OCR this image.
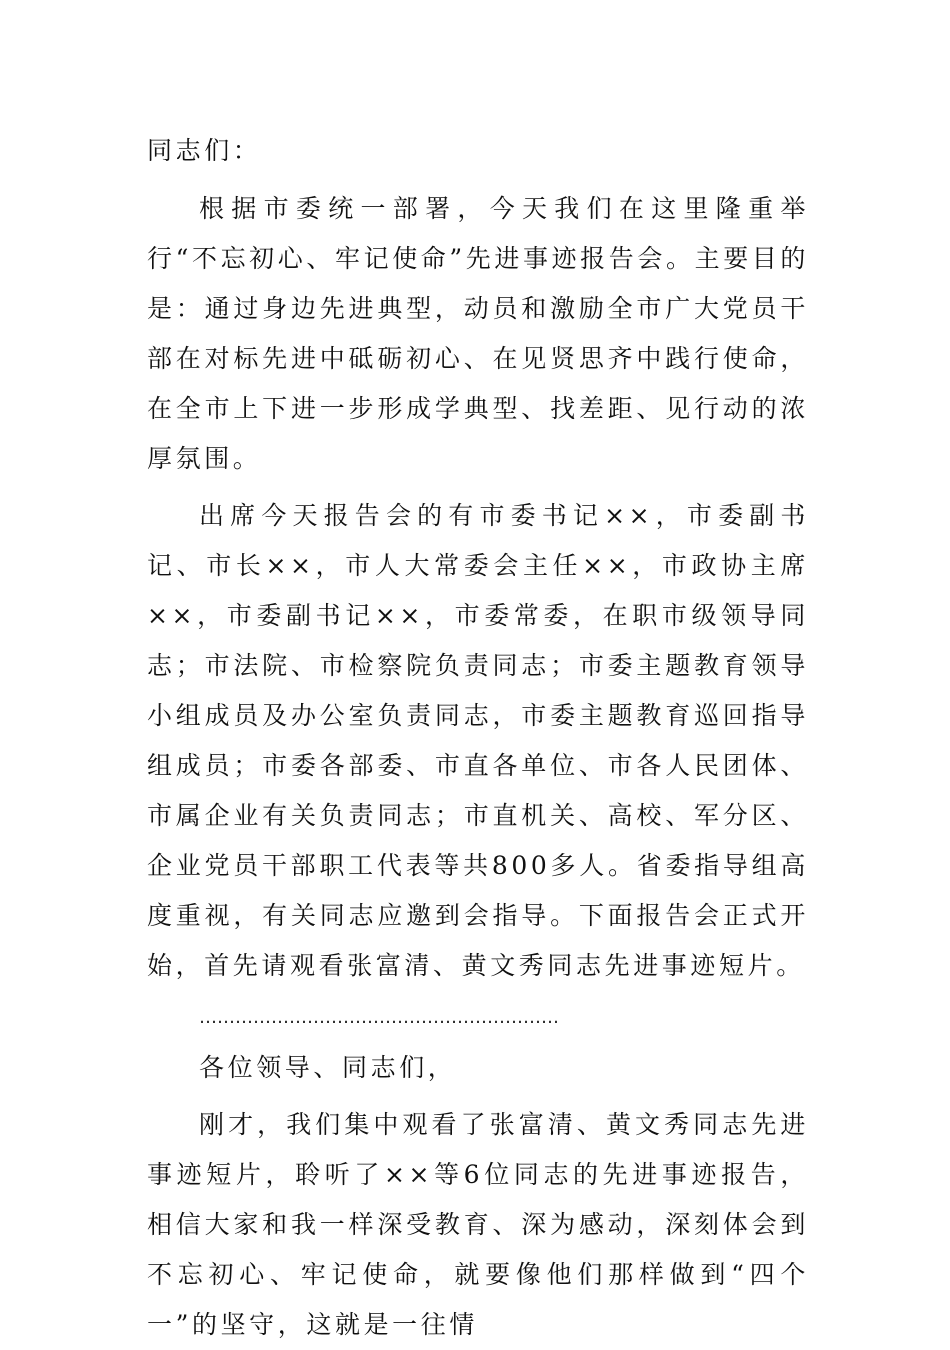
同志们：

根据市委统一部署，今天我们在这里隆重举行“不忘初心、牢记使命”先进事迹报告会。主要目的是：通过身边先进典型，动员和激励全市广大党员干部在对标先进中砥砺初心、在见贤思齐中践行使命，在全市上下进一步形成学典型、找差距、见行动的浓厚氛围。

出席今天报告会的有市委书记××，市委副书记、市长××，市人大常委会主任××，市政协主席××，市委副书记××，市委常委，在职市级领导同志；市法院、市检察院负责同志；市委主题教育领导小组成员及办公室负责同志，市委主题教育巡回指导组成员；市委各部委、市直各单位、市各人民团体、市属企业有关负责同志；市直机关、高校、军分区、企业党员干部职工代表等共800多人。省委指导组高度重视，有关同志应邀到会指导。下面报告会正式开始，首先请观看张富清、黄文秀同志先进事迹短片。

……………………………………………………

各位领导、同志们，

刚才，我们集中观看了张富清、黄文秀同志先进事迹短片，聆听了××等6位同志的先进事迹报告，相信大家和我一样深受教育、深为感动，深刻体会到不忘初心、牢记使命，就要像他们那样做到“四个一”的坚守，这就是一往情
